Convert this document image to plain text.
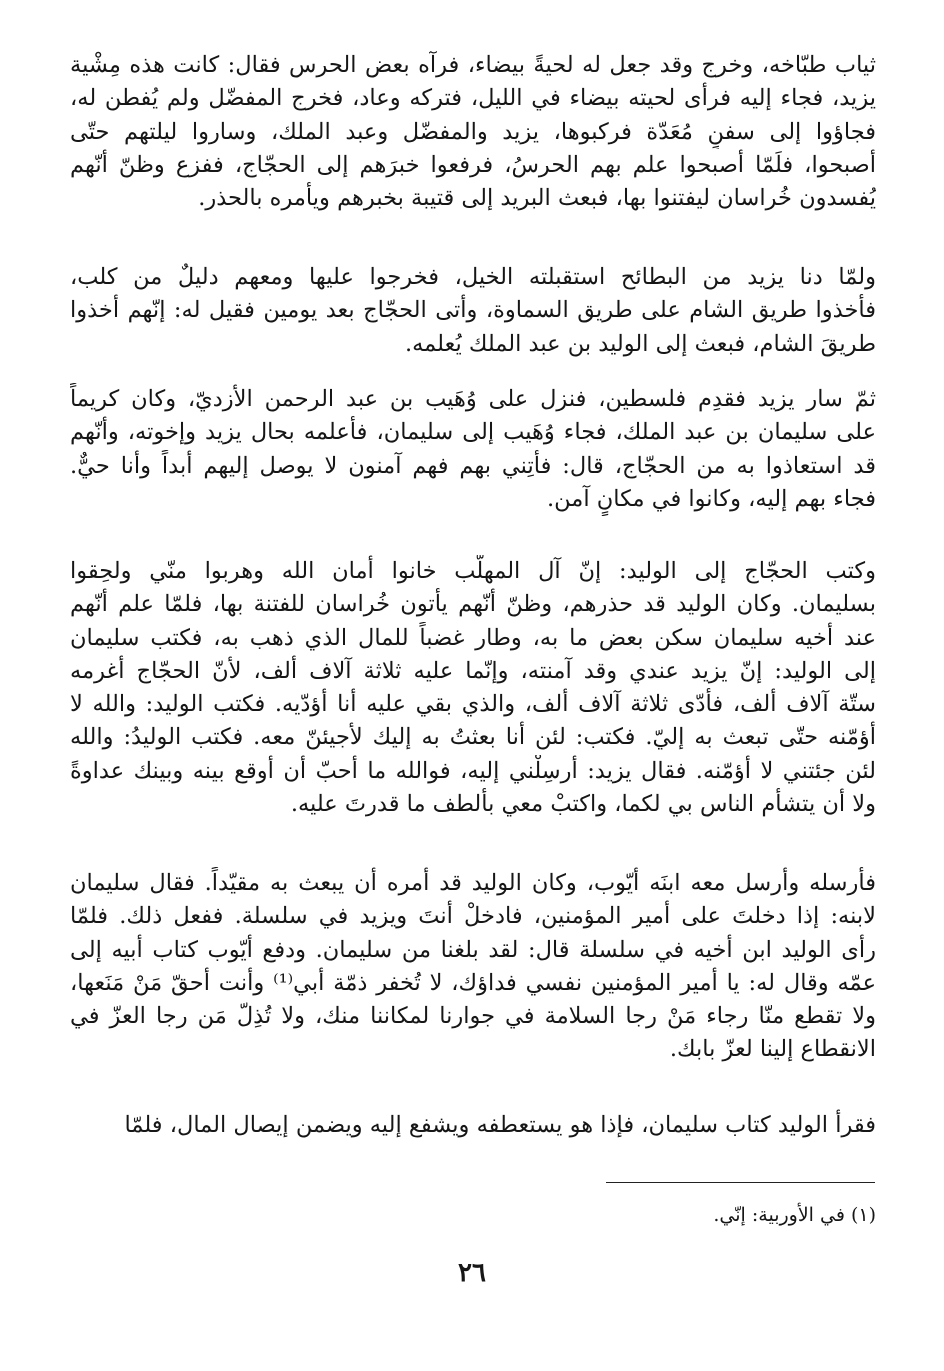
ثياب طبّاخه، وخرج وقد جعل له لحيةً بيضاء، فرآه بعض الحرس فقال: كانت هذه مِشْية
يزيد، فجاء إليه فرأى لحيته بيضاء في الليل، فتركه وعاد، فخرج المفضّل ولم يُفطن له،
فجاؤوا إلى سفنٍ مُعَدّة فركبوها، يزيد والمفضّل وعبد الملك، وساروا ليلتهم حتّى
أصبحوا، فلَمّا أصبحوا علم بهم الحرسُ، فرفعوا خبرَهم إلى الحجّاج، ففزع وظنّ أنّهم
يُفسدون خُراسان ليفتنوا بها، فبعث البريد إلى قتيبة بخبرهم ويأمره بالحذر.
ولمّا دنا يزيد من البطائح استقبلته الخيل، فخرجوا عليها ومعهم دليلٌ من كلب،
فأخذوا طريق الشام على طريق السماوة، وأتى الحجّاج بعد يومين فقيل له: إنّهم أخذوا
طريقَ الشام، فبعث إلى الوليد بن عبد الملك يُعلمه.
ثمّ سار يزيد فقدِم فلسطين، فنزل على وُهَيب بن عبد الرحمن الأزديّ، وكان كريماً
على سليمان بن عبد الملك، فجاء وُهَيب إلى سليمان، فأعلمه بحال يزيد وإخوته، وأنّهم
قد استعاذوا به من الحجّاج، قال: فأتِني بهم فهم آمنون لا يوصل إليهم أبداً وأنا حيٌّ.
فجاء بهم إليه، وكانوا في مكانٍ آمن.
وكتب الحجّاج إلى الوليد: إنّ آل المهلّب خانوا أمان الله وهربوا منّي ولحِقوا
بسليمان. وكان الوليد قد حذرهم، وظنّ أنّهم يأتون خُراسان للفتنة بها، فلمّا علم أنّهم
عند أخيه سليمان سكن بعض ما به، وطار غضباً للمال الذي ذهب به، فكتب سليمان
إلى الوليد: إنّ يزيد عندي وقد آمنته، وإنّما عليه ثلاثة آلاف ألف، لأنّ الحجّاج أغرمه
ستّة آلاف ألف، فأدّى ثلاثة آلاف ألف، والذي بقي عليه أنا أؤدّيه. فكتب الوليد: والله لا
أؤمّنه حتّى تبعث به إليّ. فكتب: لئن أنا بعثتُ به إليك لأجيئنّ معه. فكتب الوليدُ: والله
لئن جئتني لا أؤمّنه. فقال يزيد: أرسِلْني إليه، فوالله ما أُحبّ أن أوقع بينه وبينك عداوةً
ولا أن يتشأم الناس بي لكما، واكتبْ معي بألطف ما قدرتَ عليه.
فأرسله وأرسل معه ابنَه أيّوب، وكان الوليد قد أمره أن يبعث به مقيّداً. فقال سليمان
لابنه: إذا دخلتَ على أمير المؤمنين، فادخلْ أنتَ ويزيد في سلسلة. ففعل ذلك. فلمّا
رأى الوليد ابن أخيه في سلسلة قال: لقد بلغنا من سليمان. ودفع أيّوب كتاب أبيه إلى
عمّه وقال له: يا أمير المؤمنين نفسي فداؤك، لا تُخفر ذمّة أبي⁽¹⁾ وأنت أحقّ مَنْ مَنَعها،
ولا تقطع منّا رجاء مَنْ رجا السلامة في جوارنا لمكاننا منك، ولا تُذِلّ مَن رجا العزّ في
الانقطاع إلينا لعزّ بابك.
فقرأ الوليد كتاب سليمان، فإذا هو يستعطفه ويشفع إليه ويضمن إيصال المال، فلمّا
(١) في الأوربية: إنّي.
٢٦
